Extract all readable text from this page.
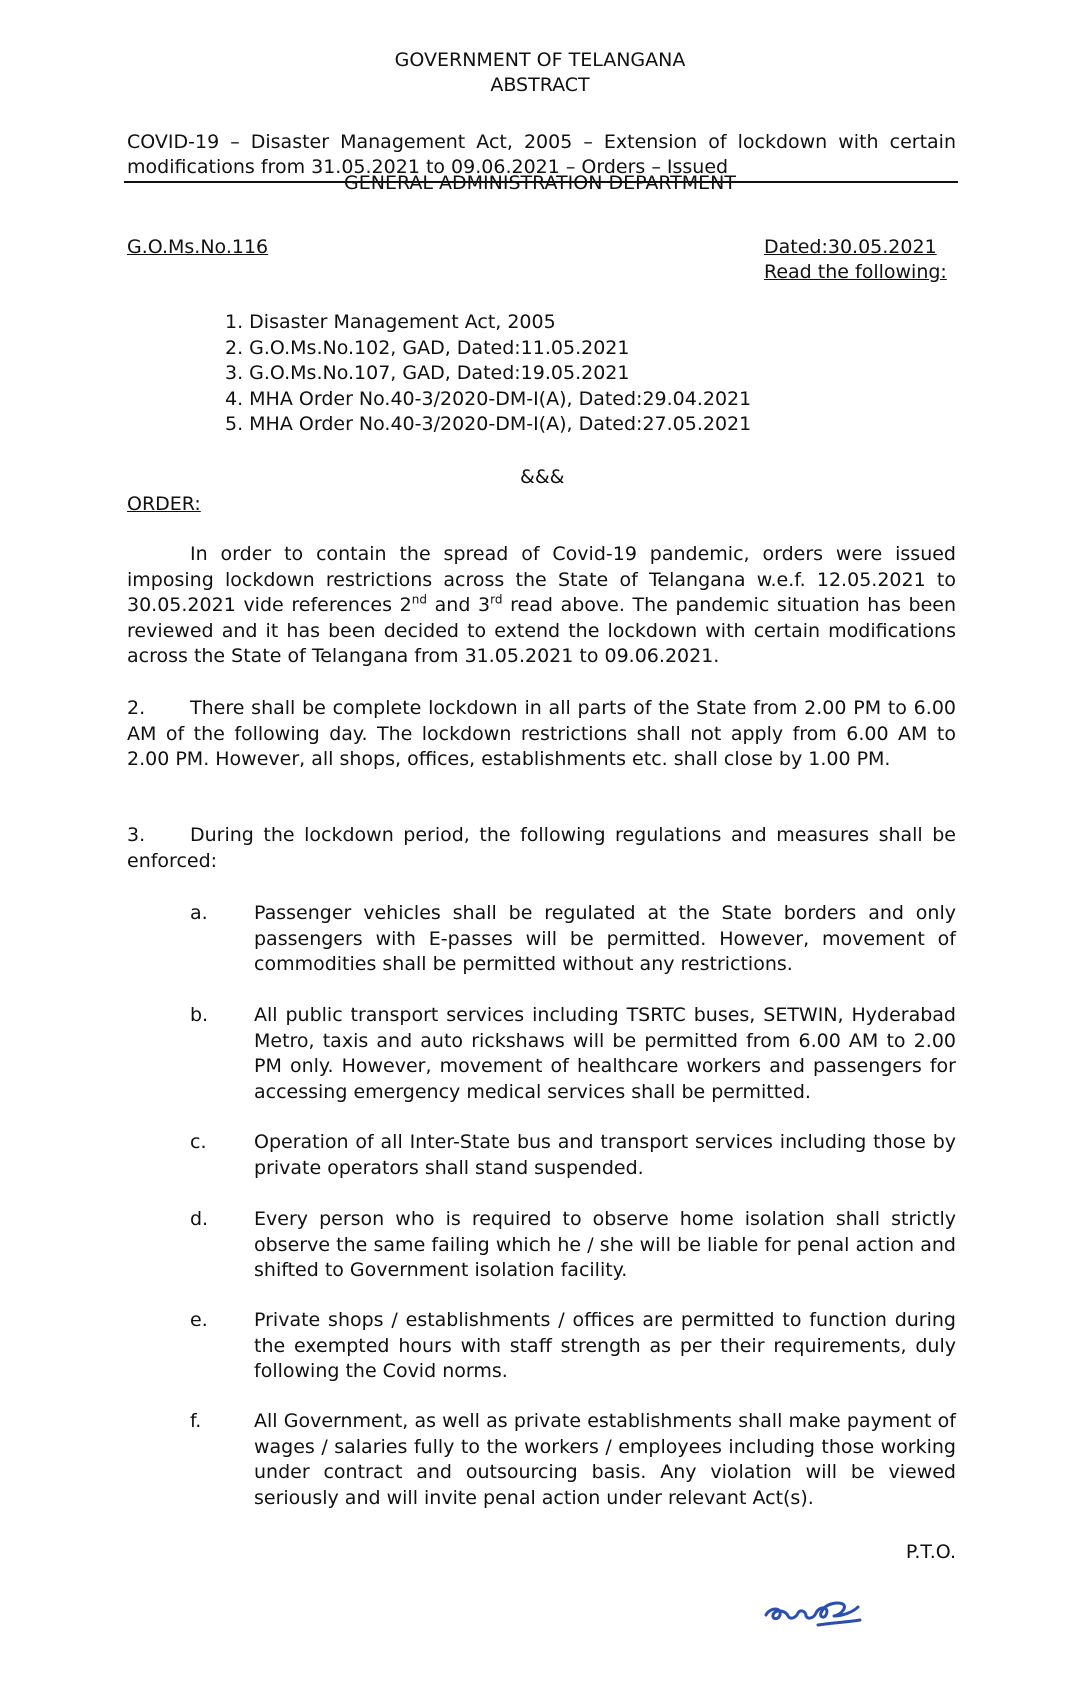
GOVERNMENT OF TELANGANA
ABSTRACT
COVID-19 – Disaster Management Act, 2005 – Extension of lockdown with certain modifications from 31.05.2021 to 09.06.2021 – Orders – Issued
GENERAL ADMINISTRATION DEPARTMENT
G.O.Ms.No.116	Dated:30.05.2021
Read the following:
1. Disaster Management Act, 2005
2. G.O.Ms.No.102, GAD, Dated:11.05.2021
3. G.O.Ms.No.107, GAD, Dated:19.05.2021
4. MHA Order No.40-3/2020-DM-I(A), Dated:29.04.2021
5. MHA Order No.40-3/2020-DM-I(A), Dated:27.05.2021
&&&
ORDER:
In order to contain the spread of Covid-19 pandemic, orders were issued imposing lockdown restrictions across the State of Telangana w.e.f. 12.05.2021 to 30.05.2021 vide references 2nd and 3rd read above. The pandemic situation has been reviewed and it has been decided to extend the lockdown with certain modifications across the State of Telangana from 31.05.2021 to 09.06.2021.
2. There shall be complete lockdown in all parts of the State from 2.00 PM to 6.00 AM of the following day. The lockdown restrictions shall not apply from 6.00 AM to 2.00 PM. However, all shops, offices, establishments etc. shall close by 1.00 PM.
3. During the lockdown period, the following regulations and measures shall be enforced:
a.	Passenger vehicles shall be regulated at the State borders and only passengers with E-passes will be permitted. However, movement of commodities shall be permitted without any restrictions.
b.	All public transport services including TSRTC buses, SETWIN, Hyderabad Metro, taxis and auto rickshaws will be permitted from 6.00 AM to 2.00 PM only. However, movement of healthcare workers and passengers for accessing emergency medical services shall be permitted.
c.	Operation of all Inter-State bus and transport services including those by private operators shall stand suspended.
d.	Every person who is required to observe home isolation shall strictly observe the same failing which he / she will be liable for penal action and shifted to Government isolation facility.
e.	Private shops / establishments / offices are permitted to function during the exempted hours with staff strength as per their requirements, duly following the Covid norms.
f.	All Government, as well as private establishments shall make payment of wages / salaries fully to the workers / employees including those working under contract and outsourcing basis. Any violation will be viewed seriously and will invite penal action under relevant Act(s).
P.T.O.
